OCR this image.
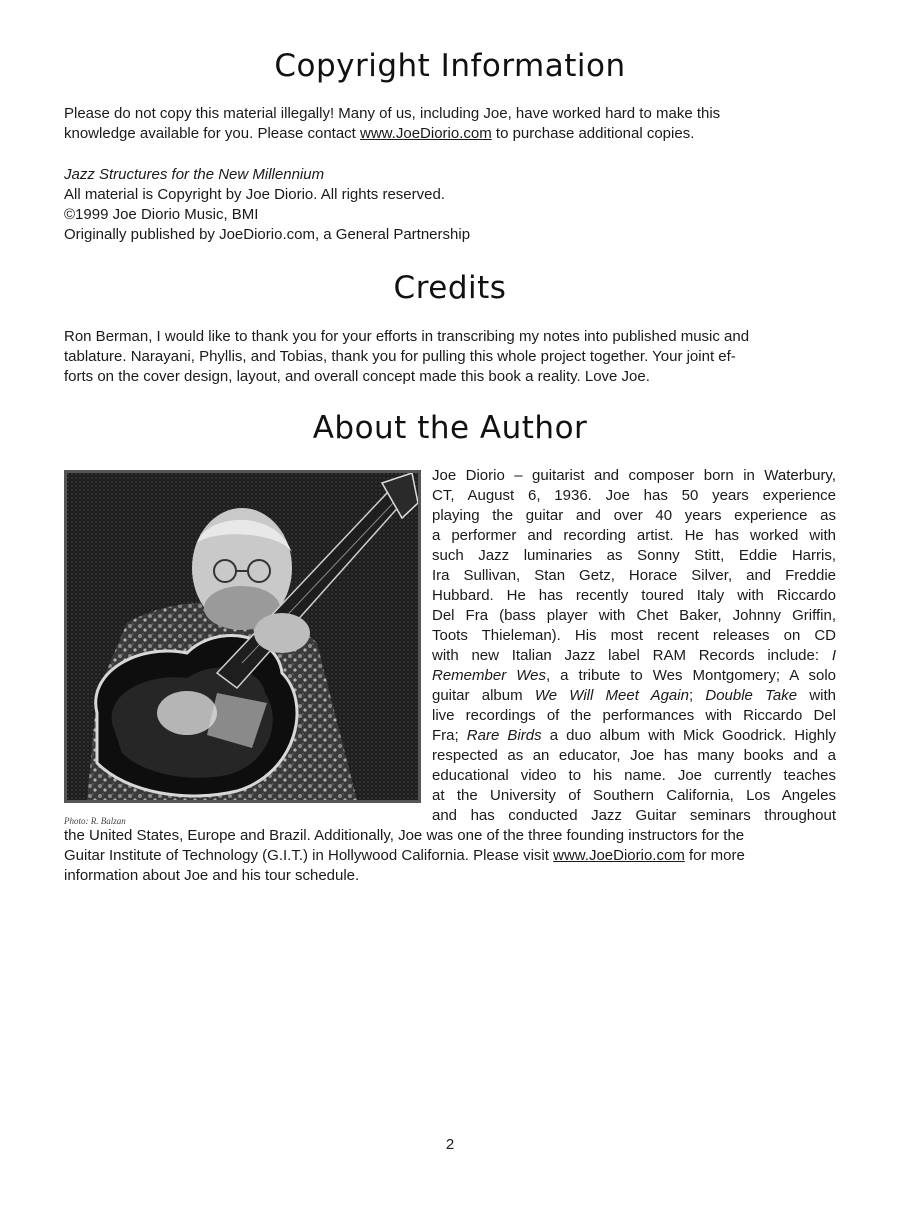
Copyright Information

Please do not copy this material illegally! Many of us, including Joe, have worked hard to make this
knowledge available for you. Please contact www.JoeDiorio.com to purchase additional copies.

Jazz Structures for the New Millennium
All material is Copyright by Joe Diorio. All rights reserved.
©1999 Joe Diorio Music, BMI
Originally published by JoeDiorio.com, a General Partnership

Credits

Ron Berman, I would like to thank you for your efforts in transcribing my notes into published music and
tablature. Narayani, Phyllis, and Tobias, thank you for pulling this whole project together. Your joint ef-
forts on the cover design, layout, and overall concept made this book a reality. Love Joe.

About the Author

Photo: R. Balzan

Joe Diorio – guitarist and composer born in Waterbury,

CT, August 6, 1936. Joe has 50 years experience

playing the guitar and over 40 years experience as

a performer and recording artist. He has worked with

such Jazz luminaries as Sonny Stitt, Eddie Harris,

Ira Sullivan, Stan Getz, Horace Silver, and Freddie

Hubbard. He has recently toured Italy with Riccardo

Del Fra (bass player with Chet Baker, Johnny Griffin,

Toots Thieleman). His most recent releases on CD

with new Italian Jazz label RAM Records include: I

Remember Wes, a tribute to Wes Montgomery; A solo

guitar album We Will Meet Again; Double Take with

live recordings of the performances with Riccardo Del

Fra; Rare Birds a duo album with Mick Goodrick. Highly

respected as an educator, Joe has many books and a

educational video to his name. Joe currently teaches

at the University of Southern California, Los Angeles

and has conducted Jazz Guitar seminars throughout

the United States, Europe and Brazil. Additionally, Joe was one of the three founding instructors for the
Guitar Institute of Technology (G.I.T.) in Hollywood California. Please visit www.JoeDiorio.com for more
information about Joe and his tour schedule.

2
